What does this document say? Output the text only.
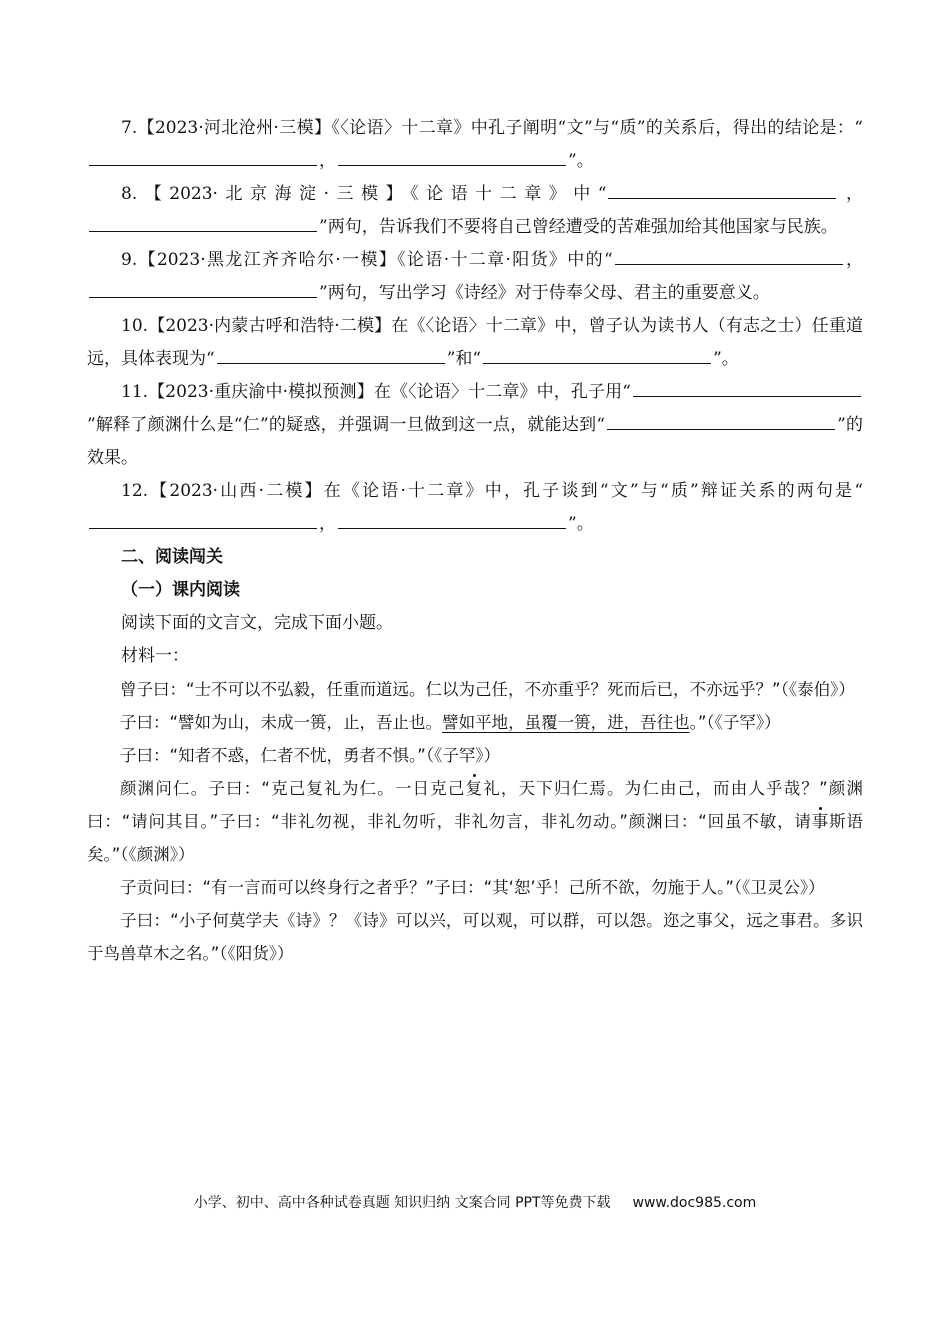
7.【2023·河北沧州·三模】《〈论语〉十二章》中孔子阐明“文”与“质”的关系后，得出的结论是：“，	”。

8.【2023·北京海淀·三模】《论语十二章》中“	，”两句，告诉我们不要将自己曾经遭受的苦难强加给其他国家与民族。

9.【2023·黑龙江齐齐哈尔·一模】《论语·十二章·阳货》中的“	，”两句，写出学习《诗经》对于侍奉父母、君主的重要意义。

10.【2023·内蒙古呼和浩特·二模】在《〈论语〉十二章》中，曾子认为读书人（有志之士）任重道远，具体表现为“	”和“	”。

11.【2023·重庆渝中·模拟预测】在《〈论语〉十二章》中，孔子用“”解释了颜渊什么是“仁”的疑惑，并强调一旦做到这一点，就能达到“	”的效果。

12.【2023·山西·二模】在《论语·十二章》中，孔子谈到“文”与“质”辩证关系的两句是“，	”。

二、阅读闯关

（一）课内阅读

阅读下面的文言文，完成下面小题。

材料一：

曾子曰：“士不可以不弘毅，任重而道远。仁以为己任，不亦重乎？死而后已，不亦远乎？”（《泰伯》）

子曰：“譬如为山，未成一篑，止，吾止也。譬如平地，虽覆一篑，进，吾往也。”（《子罕》）

子曰：“知者不惑，仁者不忧，勇者不惧。”（《子罕》）

颜渊问仁。子曰：“克己复礼为仁。一日克己复礼，天下归仁焉。为仁由己，而由人乎哉？”颜渊曰：“请问其目。”子曰：“非礼勿视，非礼勿听，非礼勿言，非礼勿动。”颜渊曰：“回虽不敏，请事斯语矣。”（《颜渊》）

子贡问曰：“有一言而可以终身行之者乎？”子曰：“其‘恕’乎！己所不欲，勿施于人。”（《卫灵公》）

子曰：“小子何莫学夫《诗》？《诗》可以兴，可以观，可以群，可以怨。迩之事父，远之事君。多识于鸟兽草木之名。”（《阳货》）

小学、初中、高中各种试卷真题 知识归纳 文案合同 PPT等免费下载 www.doc985.com
